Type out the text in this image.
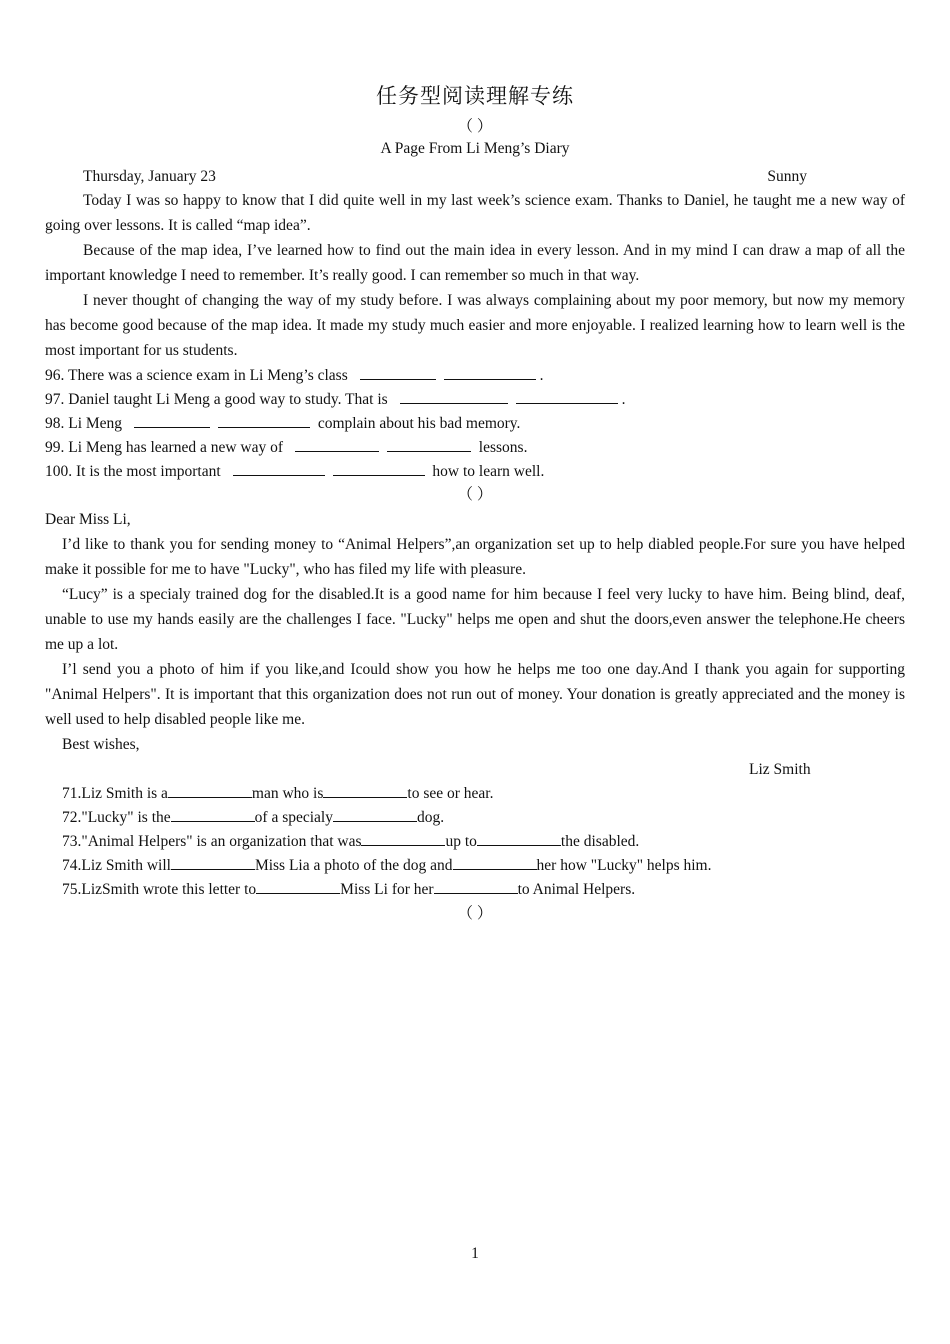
任务型阅读理解专练
（ ）
A Page From Li Meng’s Diary
Thursday, January 23	Sunny
Today I was so happy to know that I did quite well in my last week’s science exam. Thanks to Daniel, he taught me a new way of going over lessons. It is called “map idea”.
Because of the map idea, I’ve learned how to find out the main idea in every lesson. And in my mind I can draw a map of all the important knowledge I need to remember. It’s really good. I can remember so much in that way.
I never thought of changing the way of my study before. I was always complaining about my poor memory, but now my memory has become good because of the map idea. It made my study much easier and more enjoyable. I realized learning how to learn well is the most important for us students.
96. There was a science exam in Li Meng’s class	.
97. Daniel taught Li Meng a good way to study. That is	.
98. Li Meng	complain about his bad memory.
99. Li Meng has learned a new way of	lessons.
100. It is the most important	how to learn well.
（ ）
Dear Miss Li,
I’d like to thank you for sending money to “Animal Helpers”,an organization set up to help diabled people.For sure you have helped make it possible for me to have "Lucky", who has filed my life with pleasure.
“Lucy” is a specialy trained dog for the disabled.It is a good name for him because I feel very lucky to have him. Being blind, deaf, unable to use my hands easily are the challenges I face. "Lucky" helps me open and shut the doors,even answer the telephone.He cheers me up a lot.
I’l send you a photo of him if you like,and Icould show you how he helps me too one day.And I thank you again for supporting "Animal Helpers". It is important that this organization does not run out of money. Your donation is greatly appreciated and the money is well used to help disabled people like me.
Best wishes,
Liz Smith
71.Liz Smith is a	man who is	to see or hear.
72."Lucky" is the	of a specialy	dog.
73."Animal Helpers" is an organization that was	up to	the disabled.
74.Liz Smith will	Miss Lia a photo of the dog and	her how "Lucky" helps him.
75.LizSmith wrote this letter to	Miss Li for her	to Animal Helpers.
（ ）
1
